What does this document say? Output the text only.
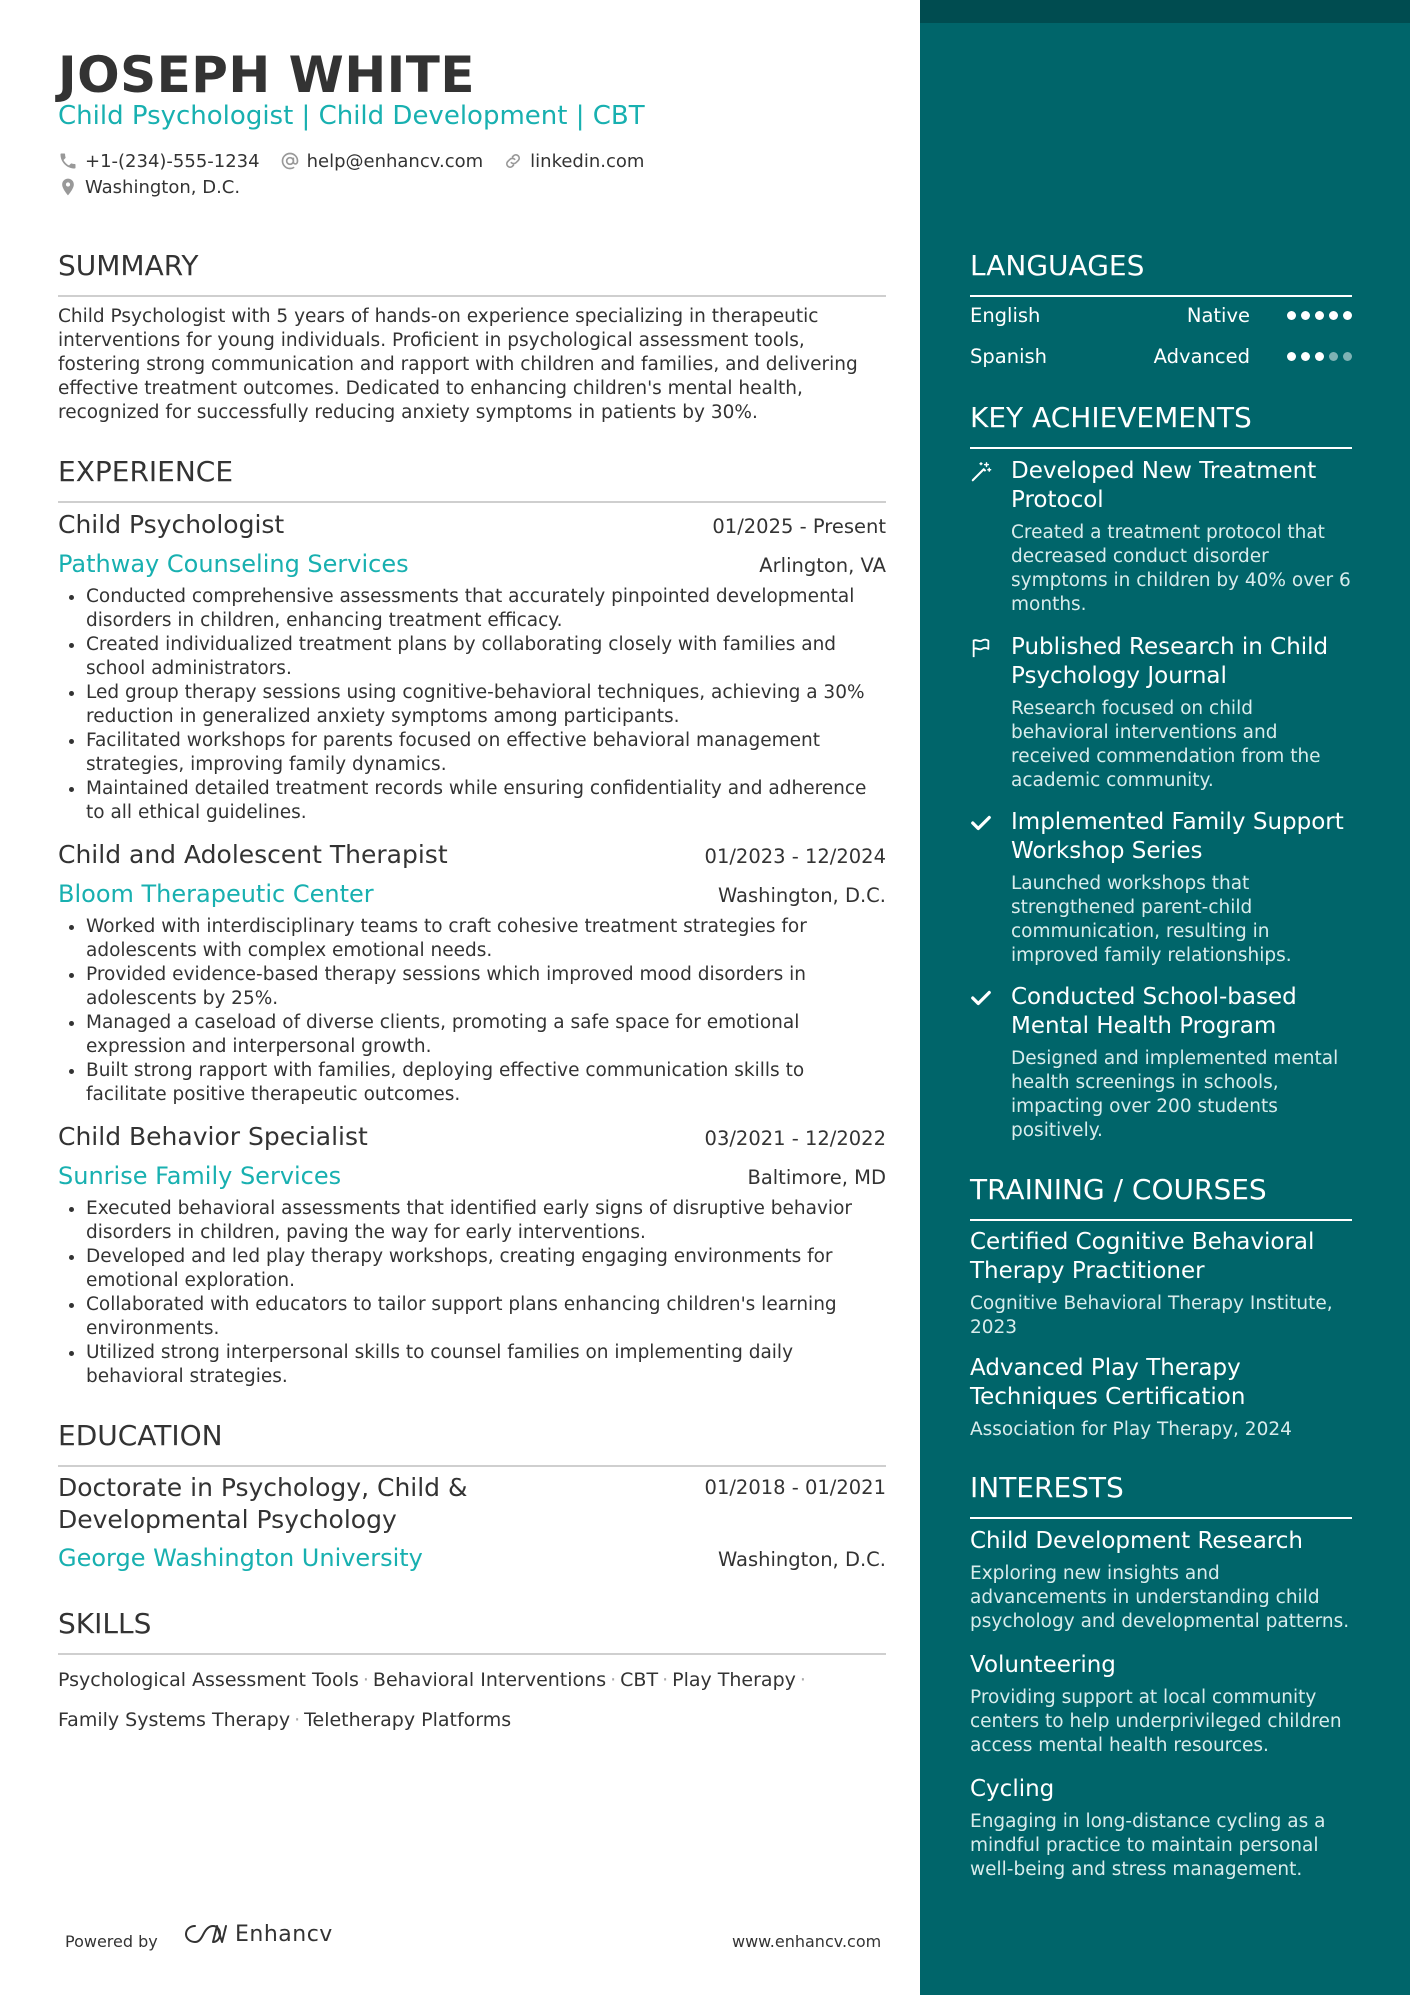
JOSEPH WHITE
Child Psychologist | Child Development | CBT
+1-(234)-555-1234	help@enhancv.com	linkedin.com
Washington, D.C.
SUMMARY
Child Psychologist with 5 years of hands-on experience specializing in therapeutic interventions for young individuals. Proficient in psychological assessment tools, fostering strong communication and rapport with children and families, and delivering effective treatment outcomes. Dedicated to enhancing children's mental health, recognized for successfully reducing anxiety symptoms in patients by 30%.
EXPERIENCE
Child Psychologist	01/2025 - Present
Pathway Counseling Services	Arlington, VA
• Conducted comprehensive assessments that accurately pinpointed developmental disorders in children, enhancing treatment efficacy.
• Created individualized treatment plans by collaborating closely with families and school administrators.
• Led group therapy sessions using cognitive-behavioral techniques, achieving a 30% reduction in generalized anxiety symptoms among participants.
• Facilitated workshops for parents focused on effective behavioral management strategies, improving family dynamics.
• Maintained detailed treatment records while ensuring confidentiality and adherence to all ethical guidelines.
Child and Adolescent Therapist	01/2023 - 12/2024
Bloom Therapeutic Center	Washington, D.C.
• Worked with interdisciplinary teams to craft cohesive treatment strategies for adolescents with complex emotional needs.
• Provided evidence-based therapy sessions which improved mood disorders in adolescents by 25%.
• Managed a caseload of diverse clients, promoting a safe space for emotional expression and interpersonal growth.
• Built strong rapport with families, deploying effective communication skills to facilitate positive therapeutic outcomes.
Child Behavior Specialist	03/2021 - 12/2022
Sunrise Family Services	Baltimore, MD
• Executed behavioral assessments that identified early signs of disruptive behavior disorders in children, paving the way for early interventions.
• Developed and led play therapy workshops, creating engaging environments for emotional exploration.
• Collaborated with educators to tailor support plans enhancing children's learning environments.
• Utilized strong interpersonal skills to counsel families on implementing daily behavioral strategies.
EDUCATION
Doctorate in Psychology, Child & Developmental Psychology
01/2018 - 01/2021
George Washington University	Washington, D.C.
SKILLS
Psychological Assessment Tools · Behavioral Interventions · CBT · Play Therapy ·
Family Systems Therapy · Teletherapy Platforms
Powered by	Enhancv	www.enhancv.com
LANGUAGES
English	Native
Spanish	Advanced
KEY ACHIEVEMENTS
Developed New Treatment Protocol
Created a treatment protocol that decreased conduct disorder symptoms in children by 40% over 6 months.
Published Research in Child Psychology Journal
Research focused on child behavioral interventions and received commendation from the academic community.
Implemented Family Support Workshop Series
Launched workshops that strengthened parent-child communication, resulting in improved family relationships.
Conducted School-based Mental Health Program
Designed and implemented mental health screenings in schools, impacting over 200 students positively.
TRAINING / COURSES
Certified Cognitive Behavioral Therapy Practitioner
Cognitive Behavioral Therapy Institute, 2023
Advanced Play Therapy Techniques Certification
Association for Play Therapy, 2024
INTERESTS
Child Development Research
Exploring new insights and advancements in understanding child psychology and developmental patterns.
Volunteering
Providing support at local community centers to help underprivileged children access mental health resources.
Cycling
Engaging in long-distance cycling as a mindful practice to maintain personal well-being and stress management.
